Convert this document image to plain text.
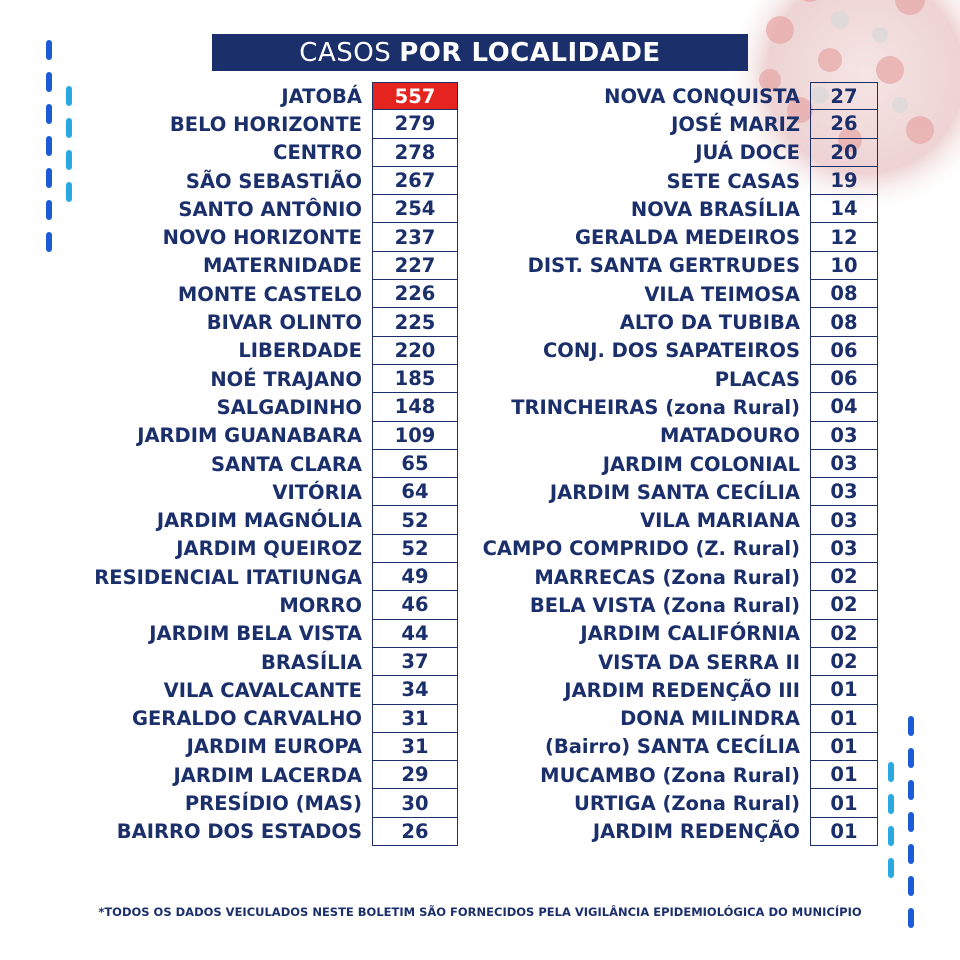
CASOS POR LOCALIDADE
JATOBÁ	557
BELO HORIZONTE	279
CENTRO	278
SÃO SEBASTIÃO	267
SANTO ANTÔNIO	254
NOVO HORIZONTE	237
MATERNIDADE	227
MONTE CASTELO	226
BIVAR OLINTO	225
LIBERDADE	220
NOÉ TRAJANO	185
SALGADINHO	148
JARDIM GUANABARA	109
SANTA CLARA	65
VITÓRIA	64
JARDIM MAGNÓLIA	52
JARDIM QUEIROZ	52
RESIDENCIAL ITATIUNGA	49
MORRO	46
JARDIM BELA VISTA	44
BRASÍLIA	37
VILA CAVALCANTE	34
GERALDO CARVALHO	31
JARDIM EUROPA	31
JARDIM LACERDA	29
PRESÍDIO (MAS)	30
BAIRRO DOS ESTADOS	26
NOVA CONQUISTA	27
JOSÉ MARIZ	26
JUÁ DOCE	20
SETE CASAS	19
NOVA BRASÍLIA	14
GERALDA MEDEIROS	12
DIST. SANTA GERTRUDES	10
VILA TEIMOSA	08
ALTO DA TUBIBA	08
CONJ. DOS SAPATEIROS	06
PLACAS	06
TRINCHEIRAS (zona Rural)	04
MATADOURO	03
JARDIM COLONIAL	03
JARDIM SANTA CECÍLIA	03
VILA MARIANA	03
CAMPO COMPRIDO (Z. Rural)	03
MARRECAS (Zona Rural)	02
BELA VISTA (Zona Rural)	02
JARDIM CALIFÓRNIA	02
VISTA DA SERRA II	02
JARDIM REDENÇÃO III	01
DONA MILINDRA	01
(Bairro) SANTA CECÍLIA	01
MUCAMBO (Zona Rural)	01
URTIGA (Zona Rural)	01
JARDIM REDENÇÃO	01
*TODOS OS DADOS VEICULADOS NESTE BOLETIM SÃO FORNECIDOS PELA VIGILÂNCIA EPIDEMIOLÓGICA DO MUNICÍPIO
